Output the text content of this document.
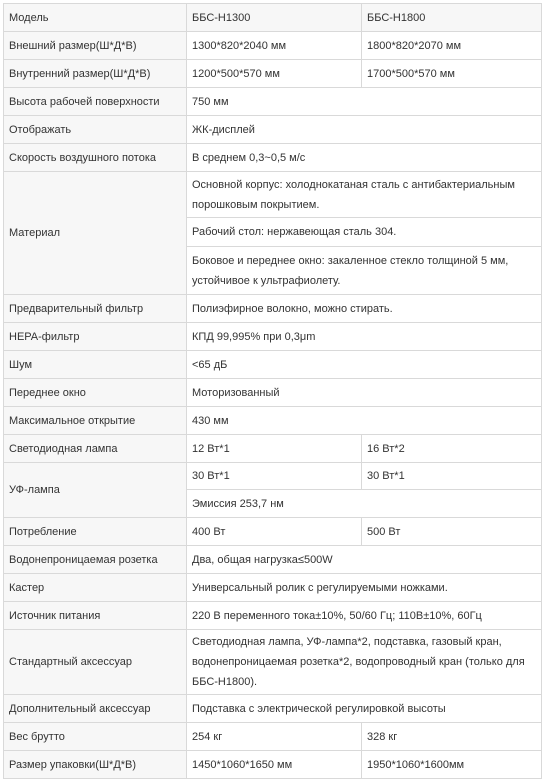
Модель	ББС-H1300	ББС-H1800
Внешний размер(Ш*Д*В)	1300*820*2040 мм	1800*820*2070 мм
Внутренний размер(Ш*Д*В)	1200*500*570 мм	1700*500*570 мм
Высота рабочей поверхности	750 мм	
Отображать	ЖК-дисплей	
Скорость воздушного потока	В среднем 0,3~0,5 м/с	
Материал	Основной корпус: холоднокатаная сталь с антибактериальным порошковым покрытием.	
	Рабочий стол: нержавеющая сталь 304.	
	Боковое и переднее окно: закаленное стекло толщиной 5 мм, устойчивое к ультрафиолету.	
Предварительный фильтр	Полиэфирное волокно, можно стирать.	
HEPA-фильтр	КПД 99,995% при 0,3μm	
Шум	<65 дБ	
Переднее окно	Моторизованный	
Максимальное открытие	430 мм	
Светодиодная лампа	12 Вт*1	16 Вт*2
УФ-лампа	30 Вт*1	30 Вт*1
	Эмиссия 253,7 нм	
Потребление	400 Вт	500 Вт
Водонепроницаемая розетка	Два, общая нагрузка≤500W	
Кастер	Универсальный ролик с регулируемыми ножками.	
Источник питания	220 В переменного тока±10%, 50/60 Гц; 110В±10%, 60Гц	
Стандартный аксессуар	Светодиодная лампа, УФ-лампа*2, подставка, газовый кран, водонепроницаемая розетка*2, водопроводный кран (только для ББС-H1800).	
Дополнительный аксессуар	Подставка с электрической регулировкой высоты	
Вес брутто	254 кг	328 кг
Размер упаковки(Ш*Д*В)	1450*1060*1650 мм	1950*1060*1600мм
